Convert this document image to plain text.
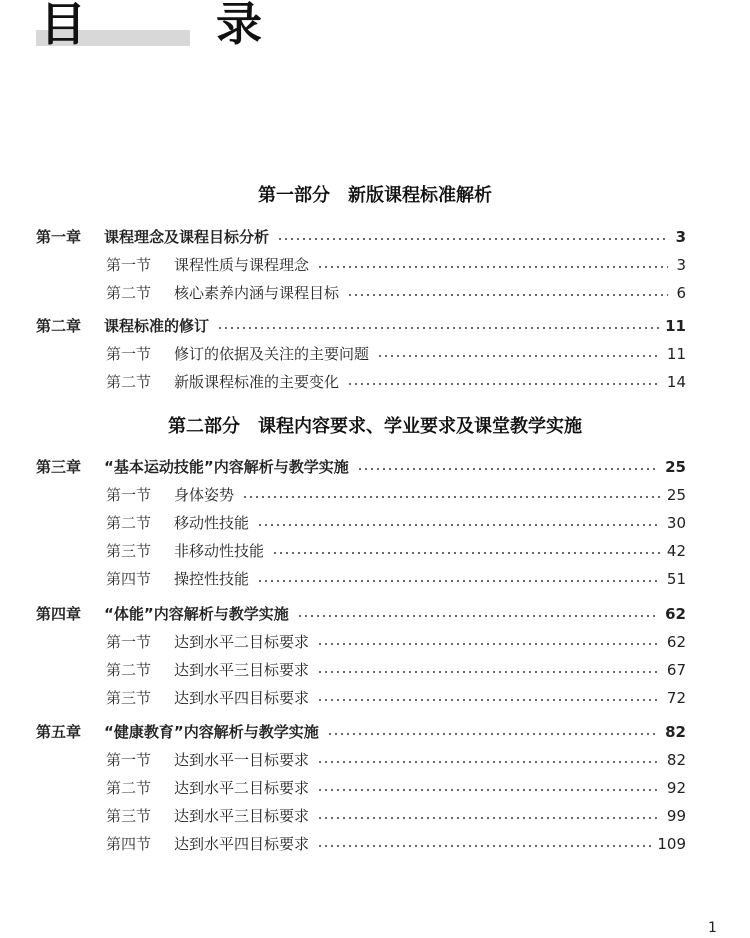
目　录
第一部分　新版课程标准解析
第一章	课程理念及课程目标分析	3
第一节	课程性质与课程理念	3
第二节	核心素养内涵与课程目标	6
第二章	课程标准的修订	11
第一节	修订的依据及关注的主要问题	11
第二节	新版课程标准的主要变化	14
第二部分　课程内容要求、学业要求及课堂教学实施
第三章	“基本运动技能”内容解析与教学实施	25
第一节	身体姿势	25
第二节	移动性技能	30
第三节	非移动性技能	42
第四节	操控性技能	51
第四章	“体能”内容解析与教学实施	62
第一节	达到水平二目标要求	62
第二节	达到水平三目标要求	67
第三节	达到水平四目标要求	72
第五章	“健康教育”内容解析与教学实施	82
第一节	达到水平一目标要求	82
第二节	达到水平二目标要求	92
第三节	达到水平三目标要求	99
第四节	达到水平四目标要求	109
1
